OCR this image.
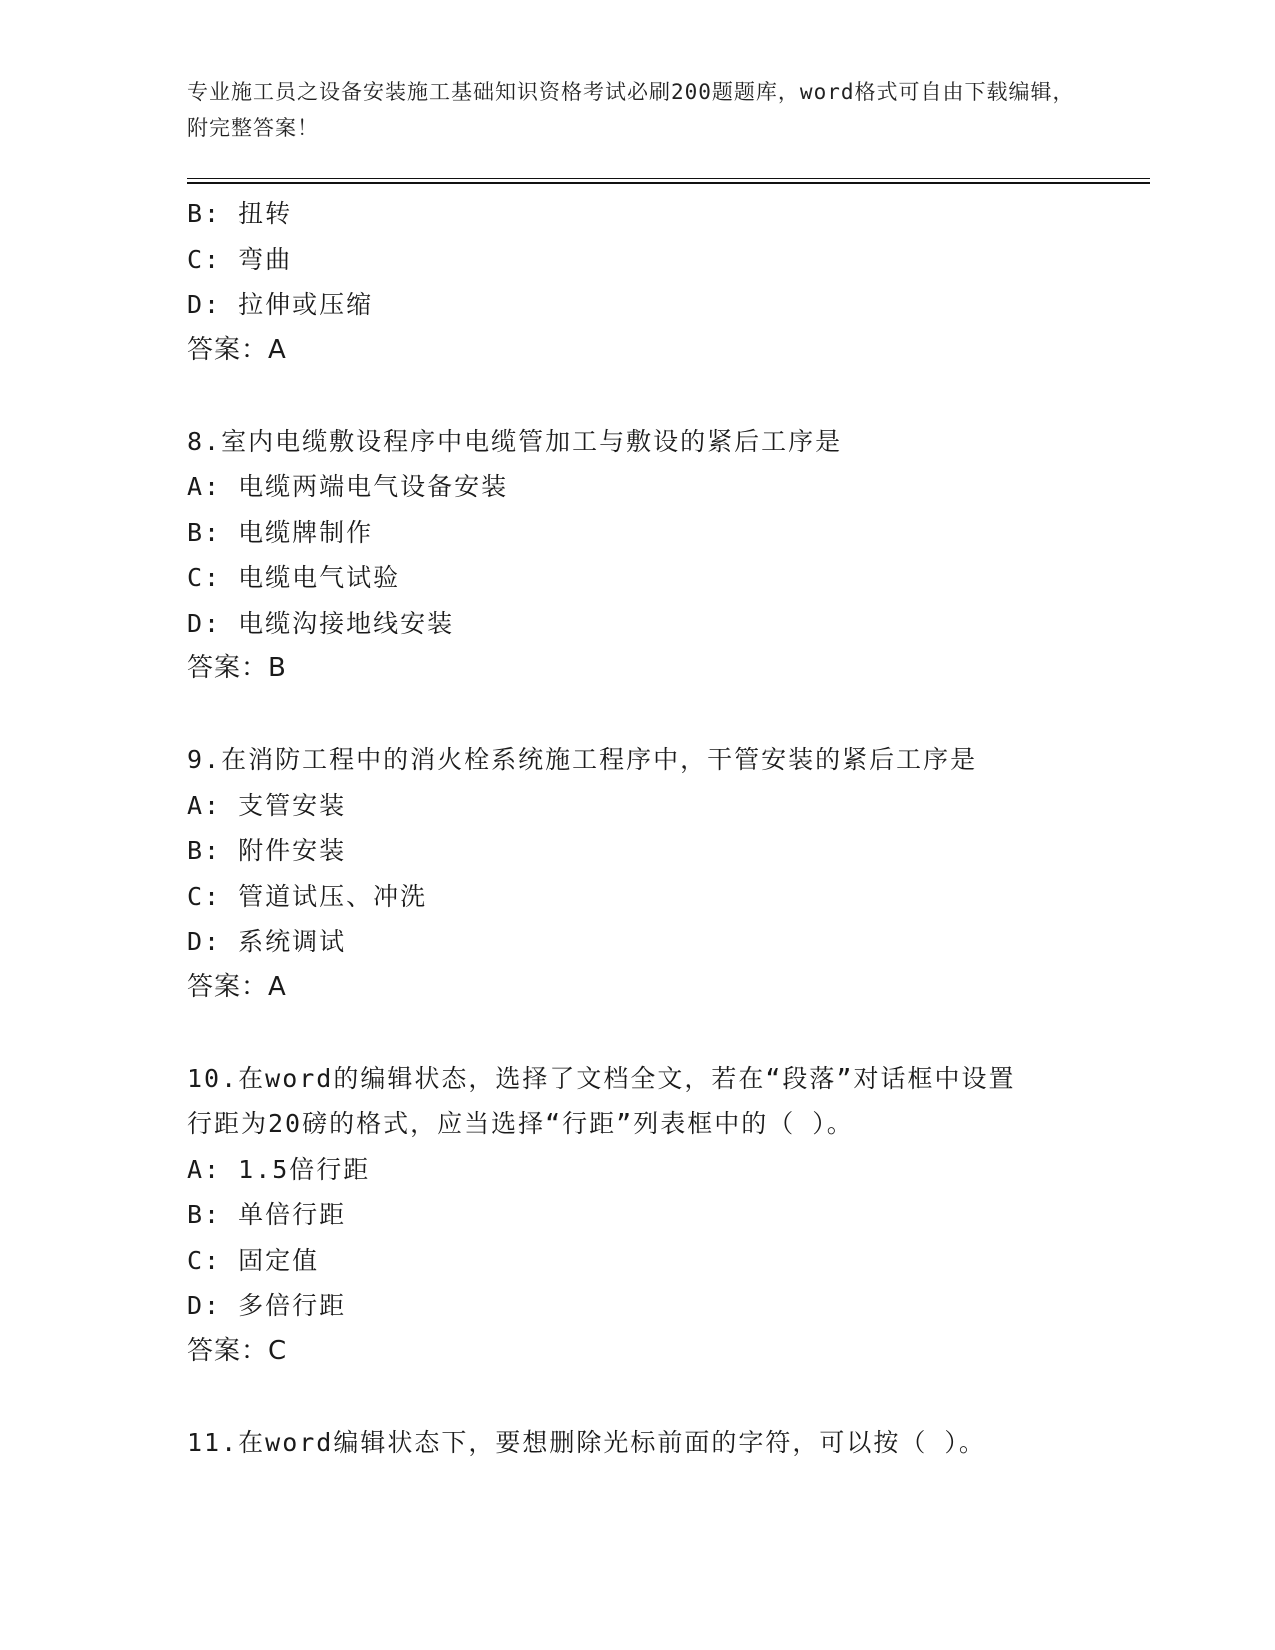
专业施工员之设备安装施工基础知识资格考试必刷200题题库，word格式可自由下载编辑，附完整答案！
B: 扭转
C: 弯曲
D: 拉伸或压缩
答案：A
8.室内电缆敷设程序中电缆管加工与敷设的紧后工序是
A: 电缆两端电气设备安装
B: 电缆牌制作
C: 电缆电气试验
D: 电缆沟接地线安装
答案：B
9.在消防工程中的消火栓系统施工程序中，干管安装的紧后工序是
A: 支管安装
B: 附件安装
C: 管道试压、冲洗
D: 系统调试
答案：A
10.在word的编辑状态，选择了文档全文，若在“段落”对话框中设置行距为20磅的格式，应当选择“行距”列表框中的（ ）。
A: 1.5倍行距
B: 单倍行距
C: 固定值
D: 多倍行距
答案：C
11.在word编辑状态下，要想删除光标前面的字符，可以按（ ）。
